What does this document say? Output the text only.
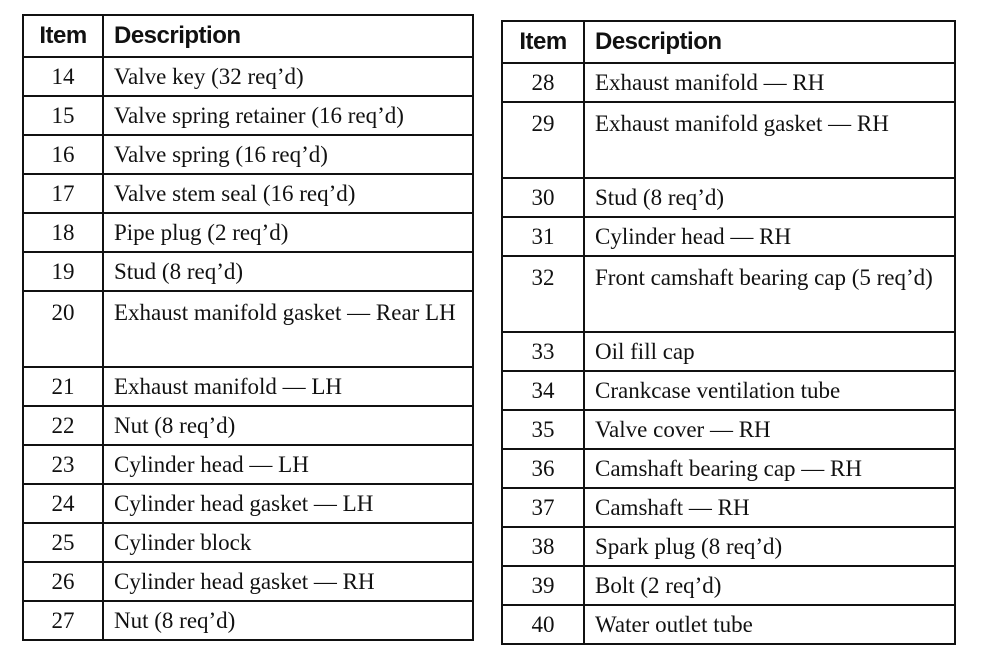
Item	Description
14	Valve key (32 req’d)
15	Valve spring retainer (16 req’d)
16	Valve spring (16 req’d)
17	Valve stem seal (16 req’d)
18	Pipe plug (2 req’d)
19	Stud (8 req’d)
20	Exhaust manifold gasket — Rear LH
21	Exhaust manifold — LH
22	Nut (8 req’d)
23	Cylinder head — LH
24	Cylinder head gasket — LH
25	Cylinder block
26	Cylinder head gasket — RH
27	Nut (8 req’d)
Item	Description
28	Exhaust manifold — RH
29	Exhaust manifold gasket — RH
30	Stud (8 req’d)
31	Cylinder head — RH
32	Front camshaft bearing cap (5 req’d)
33	Oil fill cap
34	Crankcase ventilation tube
35	Valve cover — RH
36	Camshaft bearing cap — RH
37	Camshaft — RH
38	Spark plug (8 req’d)
39	Bolt (2 req’d)
40	Water outlet tube
